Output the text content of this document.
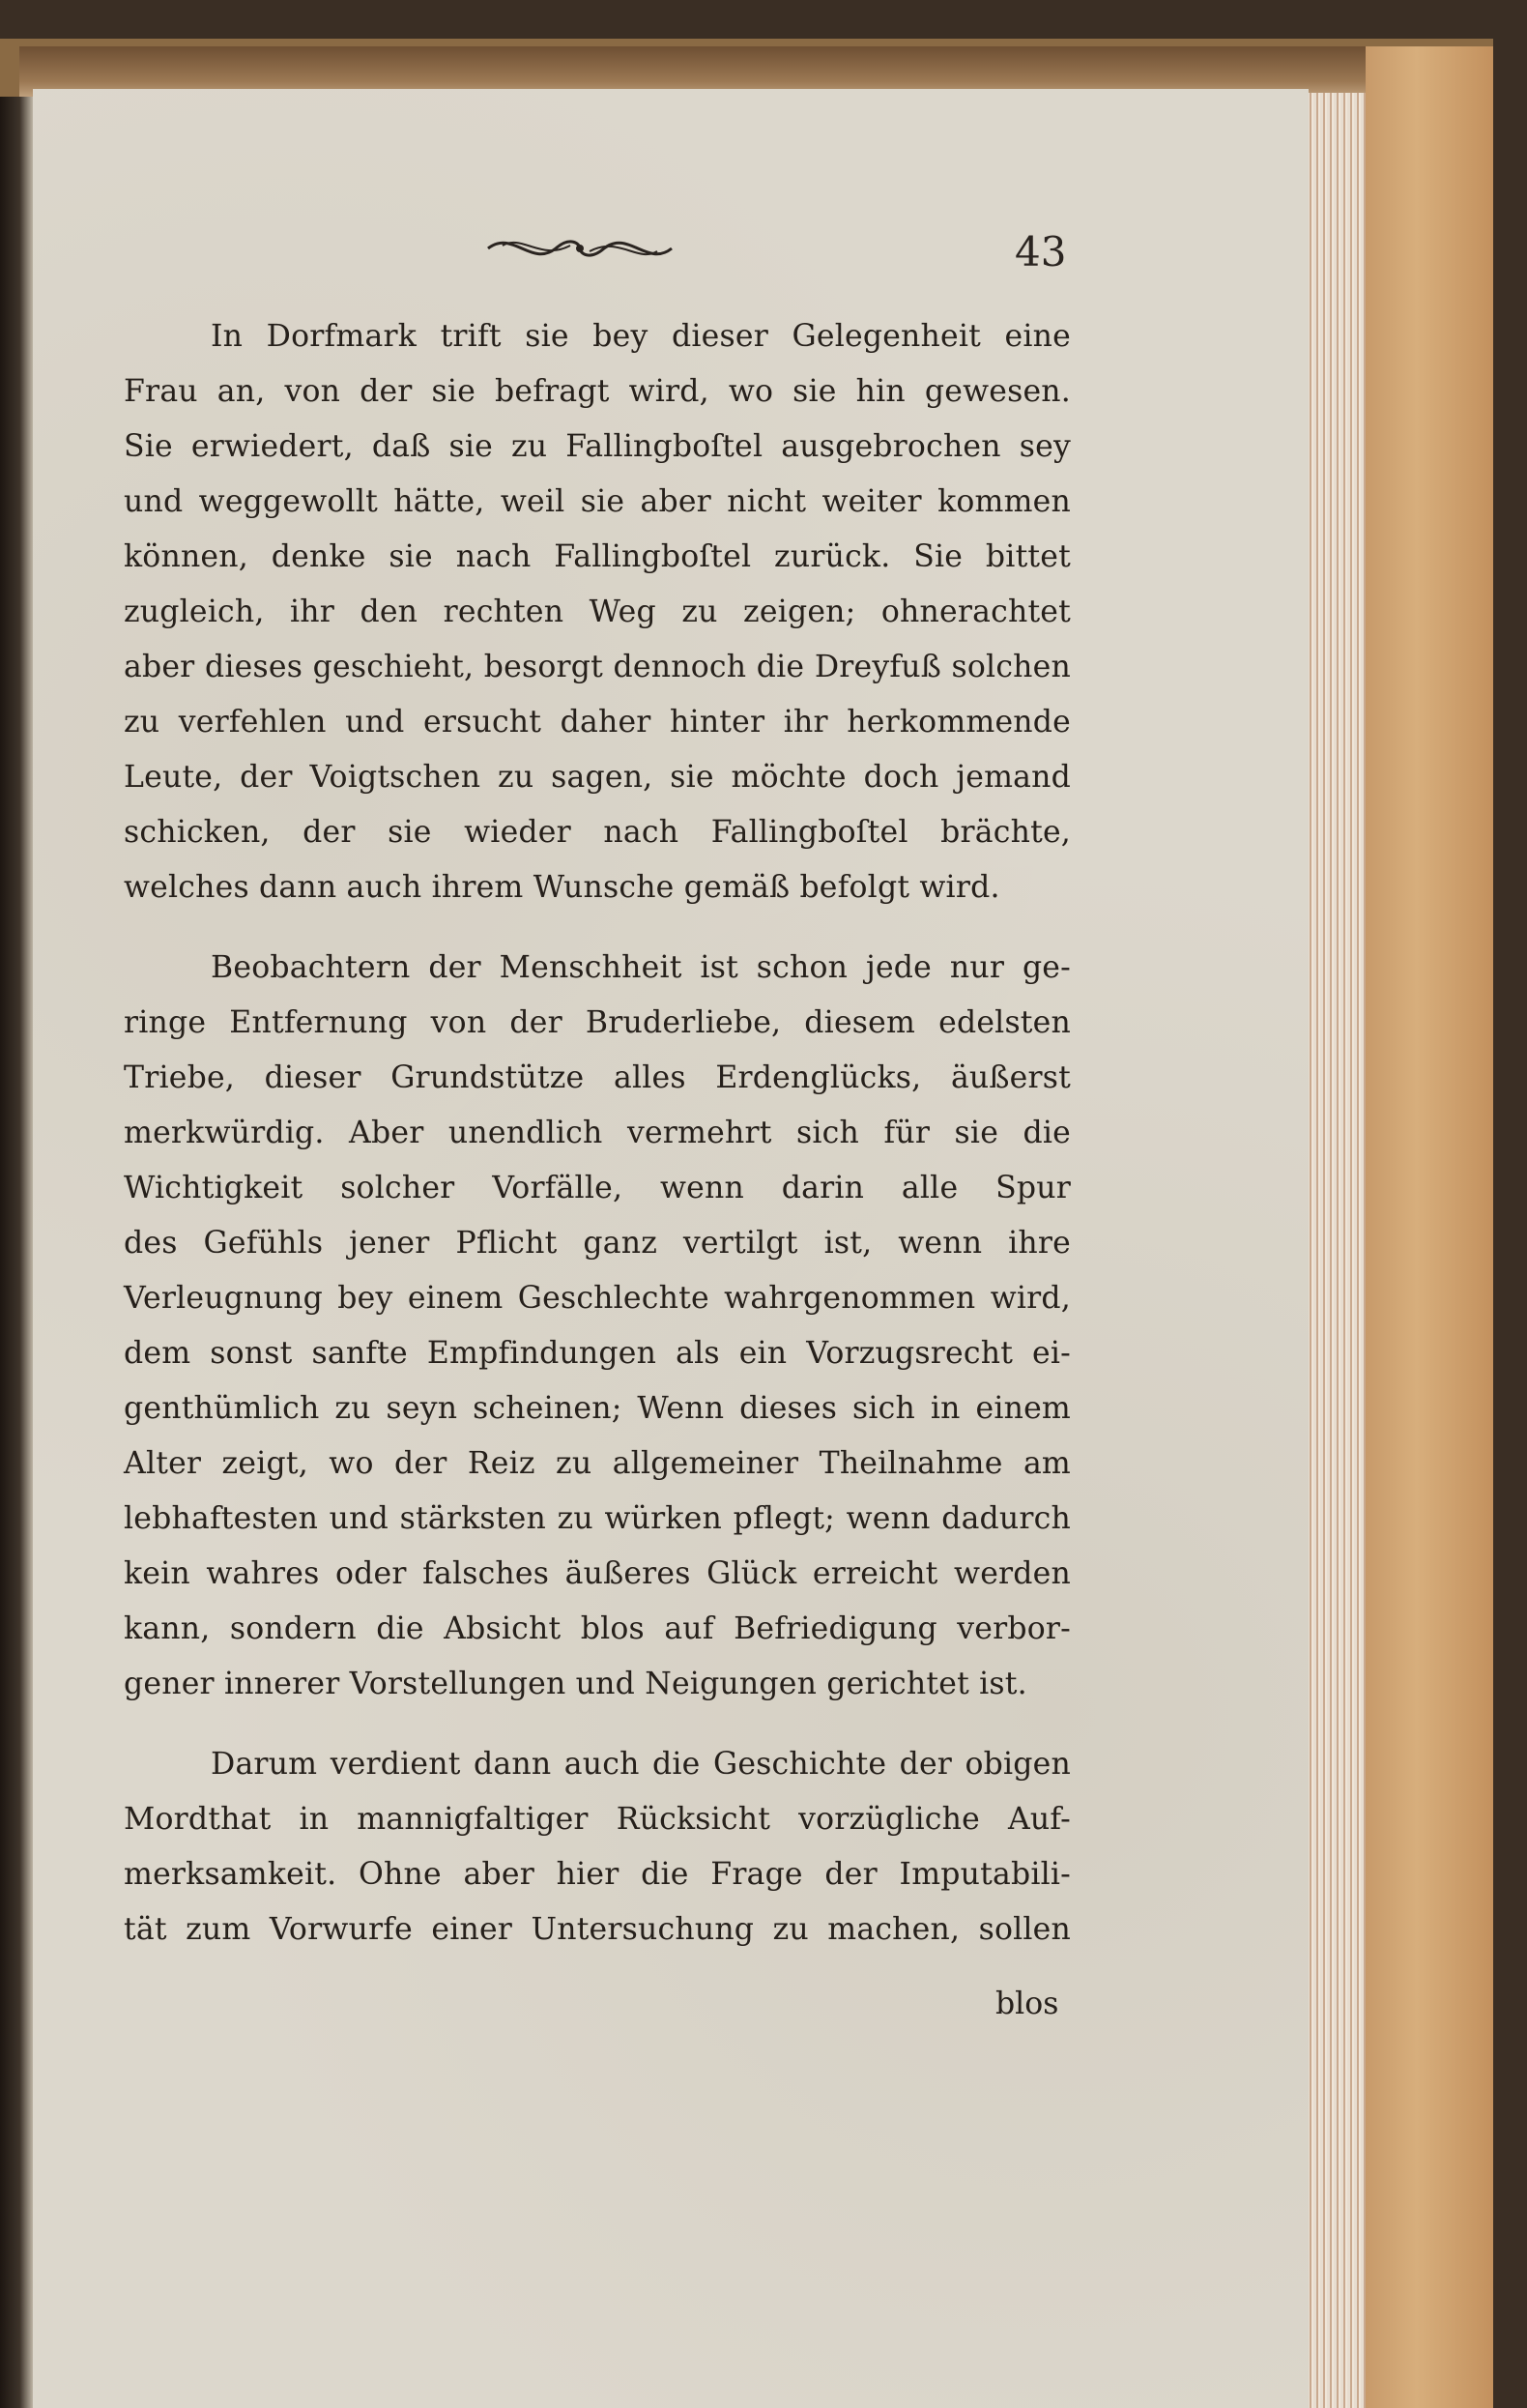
43
In Dorfmark trift sie bey dieser Gelegenheit eine
Frau an, von der sie befragt wird, wo sie hin gewesen.
Sie erwiedert, daß sie zu Fallingboſtel ausgebrochen sey
und weggewollt hätte, weil sie aber nicht weiter kommen
können, denke sie nach Fallingboſtel zurück. Sie bittet
zugleich, ihr den rechten Weg zu zeigen; ohnerachtet
aber dieses geschieht, besorgt dennoch die Dreyfuß solchen
zu verfehlen und ersucht daher hinter ihr herkommende
Leute, der Voigtschen zu sagen, sie möchte doch jemand
schicken, der sie wieder nach Fallingboſtel brächte,
welches dann auch ihrem Wunsche gemäß befolgt wird.
Beobachtern der Menschheit ist schon jede nur ge-
ringe Entfernung von der Bruderliebe, diesem edelsten
Triebe, dieser Grundstütze alles Erdenglücks, äußerst
merkwürdig. Aber unendlich vermehrt sich für sie die
Wichtigkeit solcher Vorfälle, wenn darin alle Spur
des Gefühls jener Pflicht ganz vertilgt ist, wenn ihre
Verleugnung bey einem Geschlechte wahrgenommen wird,
dem sonst sanfte Empfindungen als ein Vorzugsrecht ei-
genthümlich zu seyn scheinen; Wenn dieses sich in einem
Alter zeigt, wo der Reiz zu allgemeiner Theilnahme am
lebhaftesten und stärksten zu würken pflegt; wenn dadurch
kein wahres oder falsches äußeres Glück erreicht werden
kann, sondern die Absicht blos auf Befriedigung verbor-
gener innerer Vorstellungen und Neigungen gerichtet ist.
Darum verdient dann auch die Geschichte der obigen
Mordthat in mannigfaltiger Rücksicht vorzügliche Auf-
merksamkeit. Ohne aber hier die Frage der Imputabili-
tät zum Vorwurfe einer Untersuchung zu machen, sollen
blos
